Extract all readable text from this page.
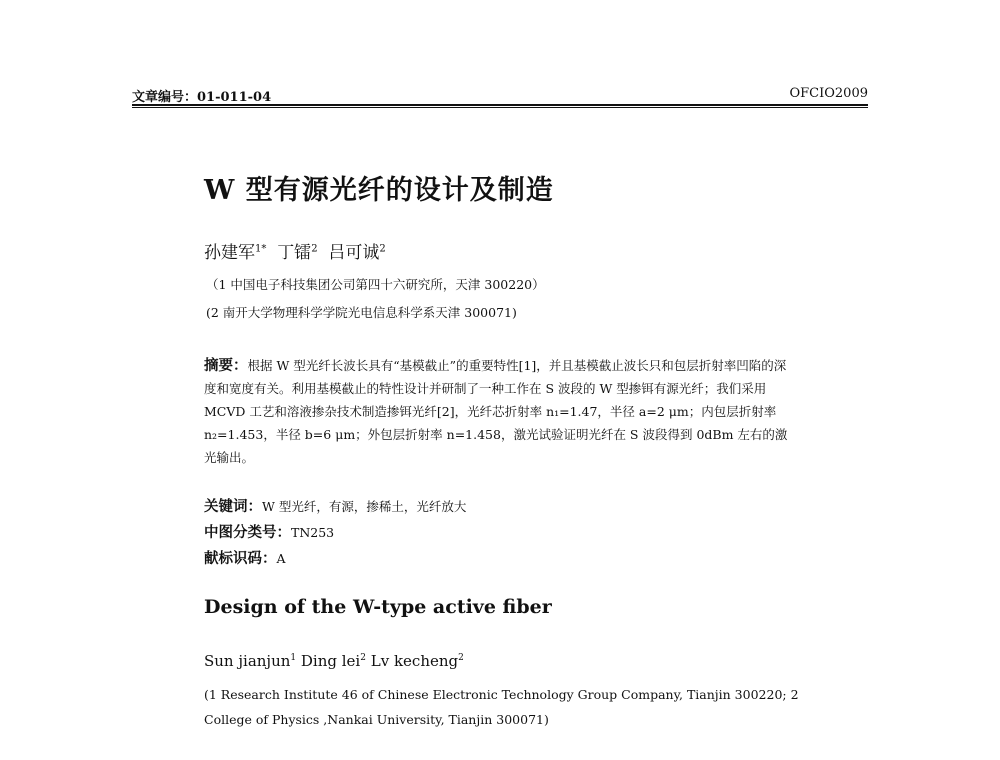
文章编号：01-011-04	OFCIO2009
W 型有源光纤的设计及制造
孙建军$^{1*}$ 丁镭$^2$ 吕可诚$^2$
（1 中国电子科技集团公司第四十六研究所，天津 300220）
(2 南开大学物理科学学院光电信息科学系天津 300071)
摘要：根据 W 型光纤长波长具有“基模截止”的重要特性[1]，并且基模截止波长只和包层折射率凹陷的深度和宽度有关。利用基模截止的特性设计并研制了一种工作在 S 波段的 W 型掺铒有源光纤；我们采用 MCVD 工艺和溶液掺杂技术制造掺铒光纤[2]，光纤芯折射率 n₁=1.47，半径 a=2 μm；内包层折射率 n₂=1.453，半径 b=6 μm；外包层折射率 n=1.458，激光试验证明光纤在 S 波段得到 0dBm 左右的激光输出。
关键词：W 型光纤，有源，掺稀土，光纤放大
中图分类号：TN253
献标识码：A
Design of the W-type active fiber
Sun jianjun$^1$ Ding lei$^2$ Lv kecheng$^2$
(1 Research Institute 46 of Chinese Electronic Technology Group Company, Tianjin 300220; 2 College of Physics ,Nankai University, Tianjin 300071)
